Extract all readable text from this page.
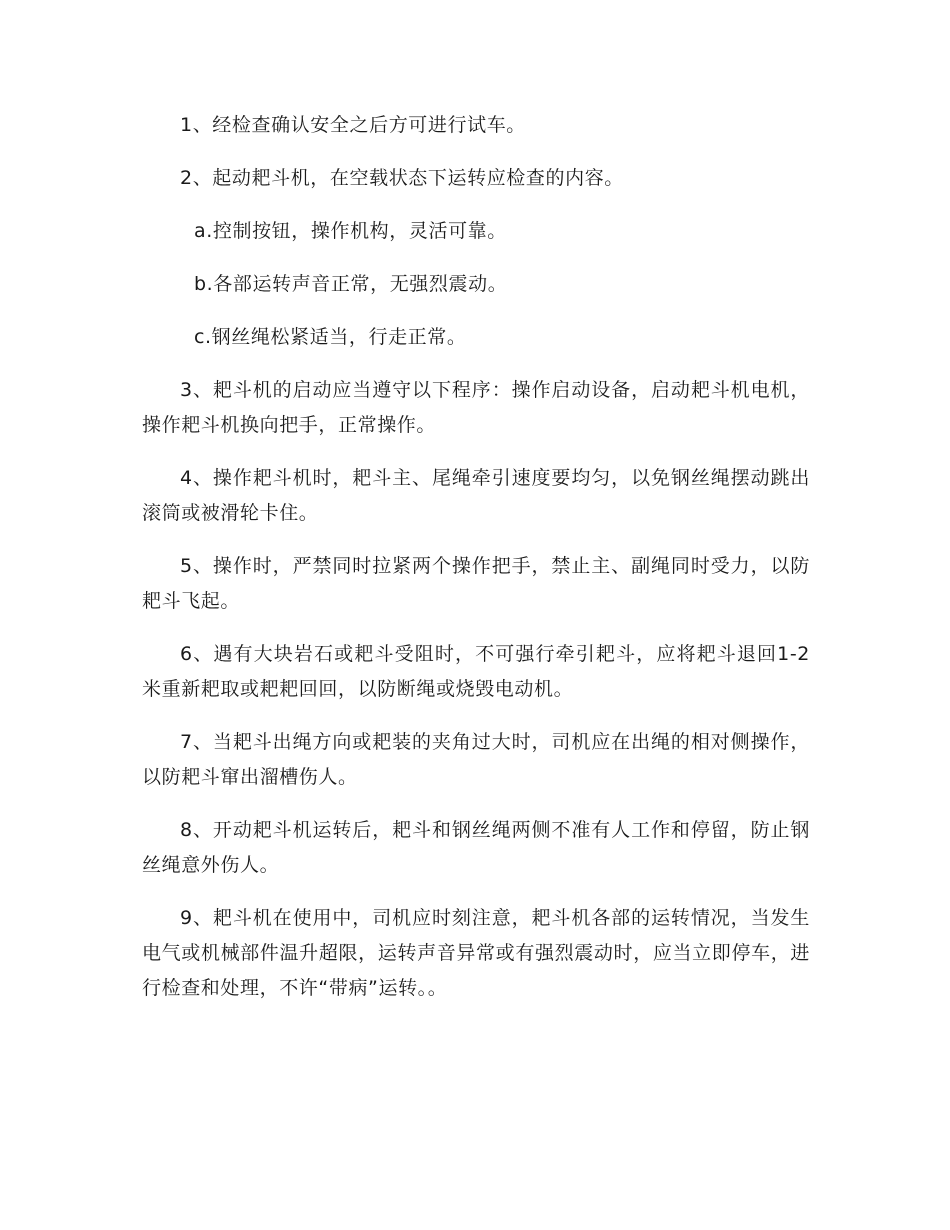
1、经检查确认安全之后方可进行试车。

2、起动耙斗机，在空载状态下运转应检查的内容。

a.控制按钮，操作机构，灵活可靠。

b.各部运转声音正常，无强烈震动。

c.钢丝绳松紧适当，行走正常。

3、耙斗机的启动应当遵守以下程序：操作启动设备，启动耙斗机电机，操作耙斗机换向把手，正常操作。

4、操作耙斗机时，耙斗主、尾绳牵引速度要均匀，以免钢丝绳摆动跳出滚筒或被滑轮卡住。

5、操作时，严禁同时拉紧两个操作把手，禁止主、副绳同时受力，以防耙斗飞起。

6、遇有大块岩石或耙斗受阻时，不可强行牵引耙斗，应将耙斗退回1-2米重新耙取或耙耙回回，以防断绳或烧毁电动机。

7、当耙斗出绳方向或耙装的夹角过大时，司机应在出绳的相对侧操作，以防耙斗窜出溜槽伤人。

8、开动耙斗机运转后，耙斗和钢丝绳两侧不准有人工作和停留，防止钢丝绳意外伤人。

9、耙斗机在使用中，司机应时刻注意，耙斗机各部的运转情况，当发生电气或机械部件温升超限，运转声音异常或有强烈震动时，应当立即停车，进行检查和处理，不许“带病”运转。。
